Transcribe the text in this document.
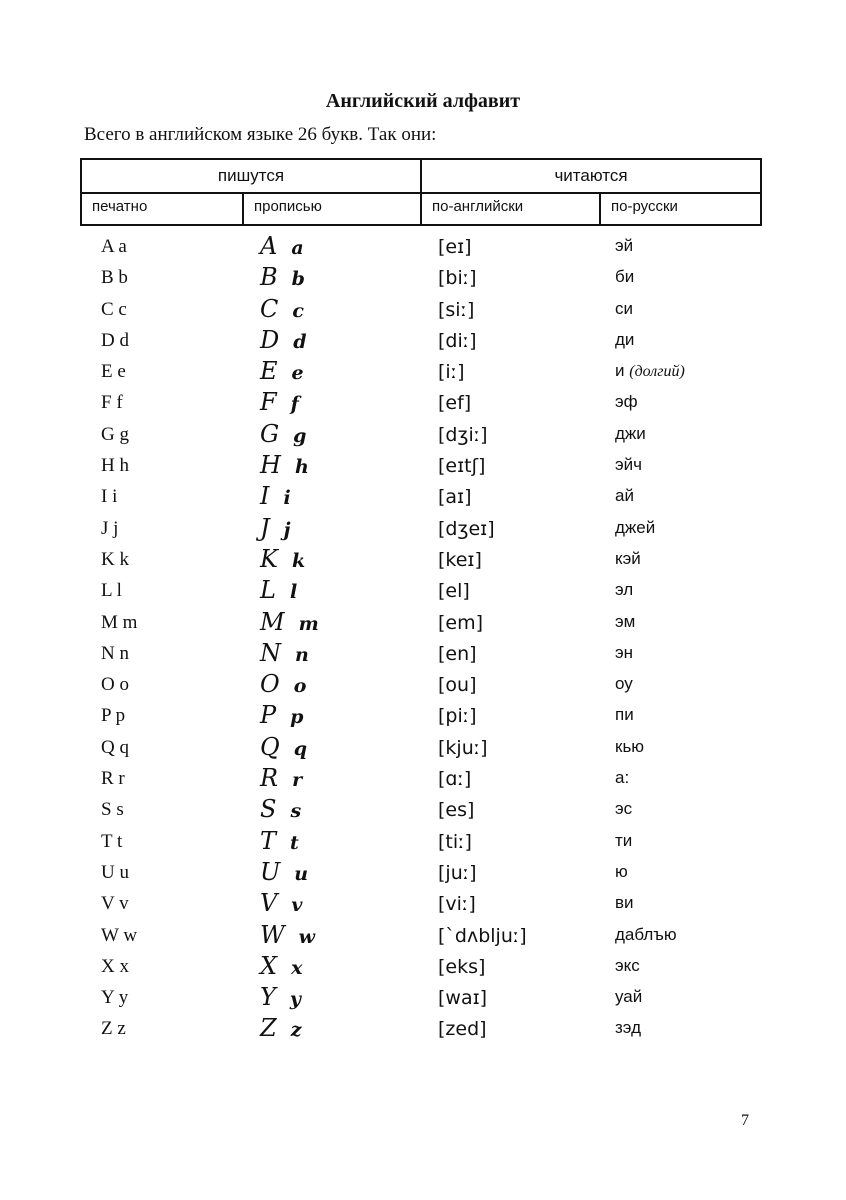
Английский алфавит
Всего в английском языке 26 букв. Так они:
пишутся		читаются	
печатно	прописью	по-английски	по-русски
A a	A a	[eɪ]	эй
B b	B b	[biː]	би
C c	C c	[siː]	си
D d	D d	[diː]	ди
E e	E e	[iː]	и (долгий)
F f	F f	[ef]	эф
G g	G g	[dʒiː]	джи
H h	H h	[eɪtʃ]	эйч
I i	I i	[aɪ]	ай
J j	J j	[dʒeɪ]	джей
K k	K k	[keɪ]	кэй
L l	L l	[el]	эл
M m	M m	[em]	эм
N n	N n	[en]	эн
O o	O o	[ou]	оу
P p	P p	[piː]	пи
Q q	Q q	[kjuː]	кью
R r	R r	[ɑː]	а:
S s	S s	[es]	эс
T t	T t	[tiː]	ти
U u	U u	[juː]	ю
V v	V v	[viː]	ви
W w	W w	[`dʌbljuː]	даблъю
X x	X x	[eks]	экс
Y y	Y y	[waɪ]	уай
Z z	Z z	[zed]	зэд
7
